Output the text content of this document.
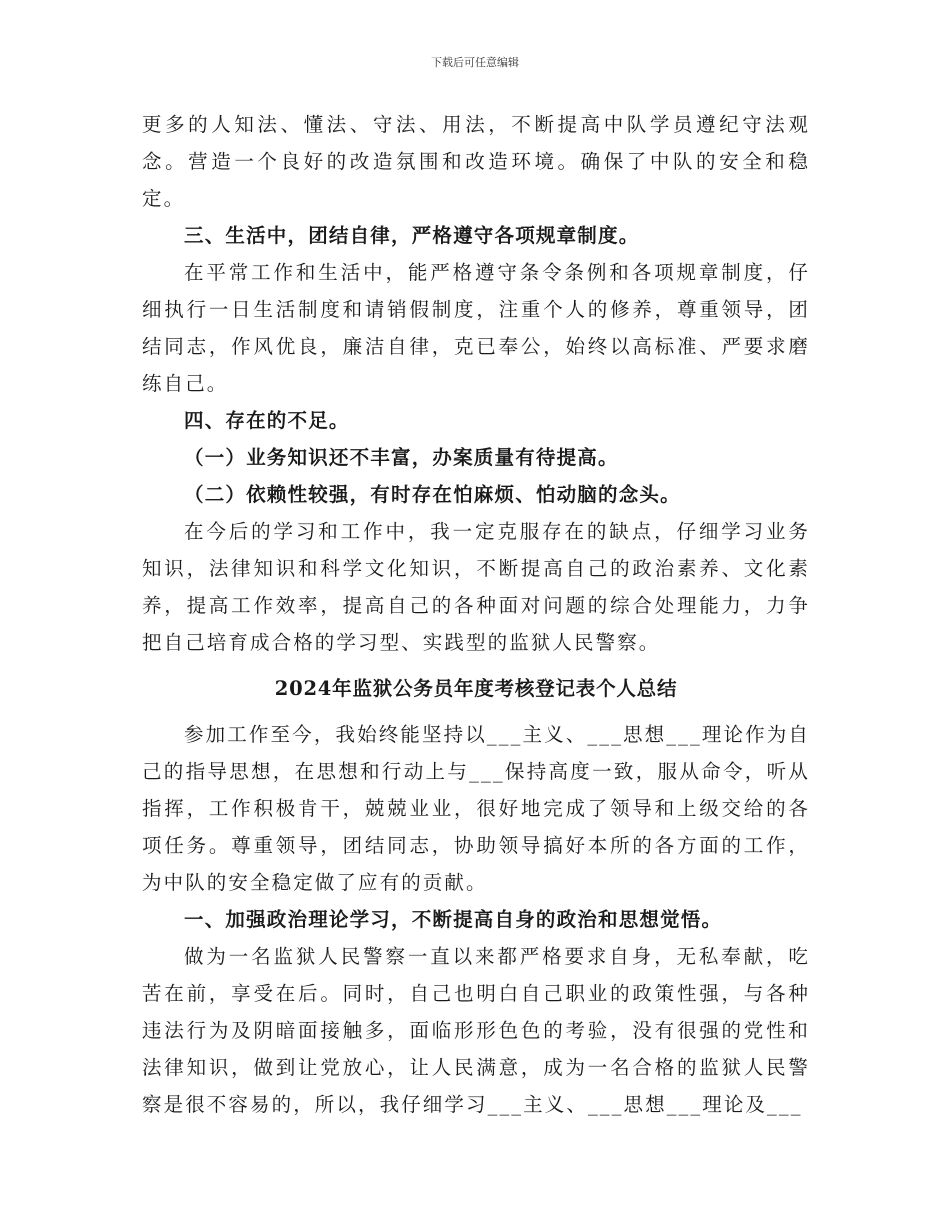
下载后可任意编辑

更多的人知法、懂法、守法、用法，不断提高中队学员遵纪守法观念。营造一个良好的改造氛围和改造环境。确保了中队的安全和稳定。

三、生活中，团结自律，严格遵守各项规章制度。

在平常工作和生活中，能严格遵守条令条例和各项规章制度，仔细执行一日生活制度和请销假制度，注重个人的修养，尊重领导，团结同志，作风优良，廉洁自律，克已奉公，始终以高标准、严要求磨练自己。

四、存在的不足。

（一）业务知识还不丰富，办案质量有待提高。

（二）依赖性较强，有时存在怕麻烦、怕动脑的念头。

在今后的学习和工作中，我一定克服存在的缺点，仔细学习业务知识，法律知识和科学文化知识，不断提高自己的政治素养、文化素养，提高工作效率，提高自己的各种面对问题的综合处理能力，力争把自己培育成合格的学习型、实践型的监狱人民警察。

2024年监狱公务员年度考核登记表个人总结

参加工作至今，我始终能坚持以___主义、___思想___理论作为自己的指导思想，在思想和行动上与___保持高度一致，服从命令，听从指挥，工作积极肯干，兢兢业业，很好地完成了领导和上级交给的各项任务。尊重领导，团结同志，协助领导搞好本所的各方面的工作，为中队的安全稳定做了应有的贡献。

一、加强政治理论学习，不断提高自身的政治和思想觉悟。

做为一名监狱人民警察一直以来都严格要求自身，无私奉献，吃苦在前，享受在后。同时，自己也明白自己职业的政策性强，与各种违法行为及阴暗面接触多，面临形形色色的考验，没有很强的党性和法律知识，做到让党放心，让人民满意，成为一名合格的监狱人民警察是很不容易的，所以，我仔细学习___主义、___思想___理论及___
